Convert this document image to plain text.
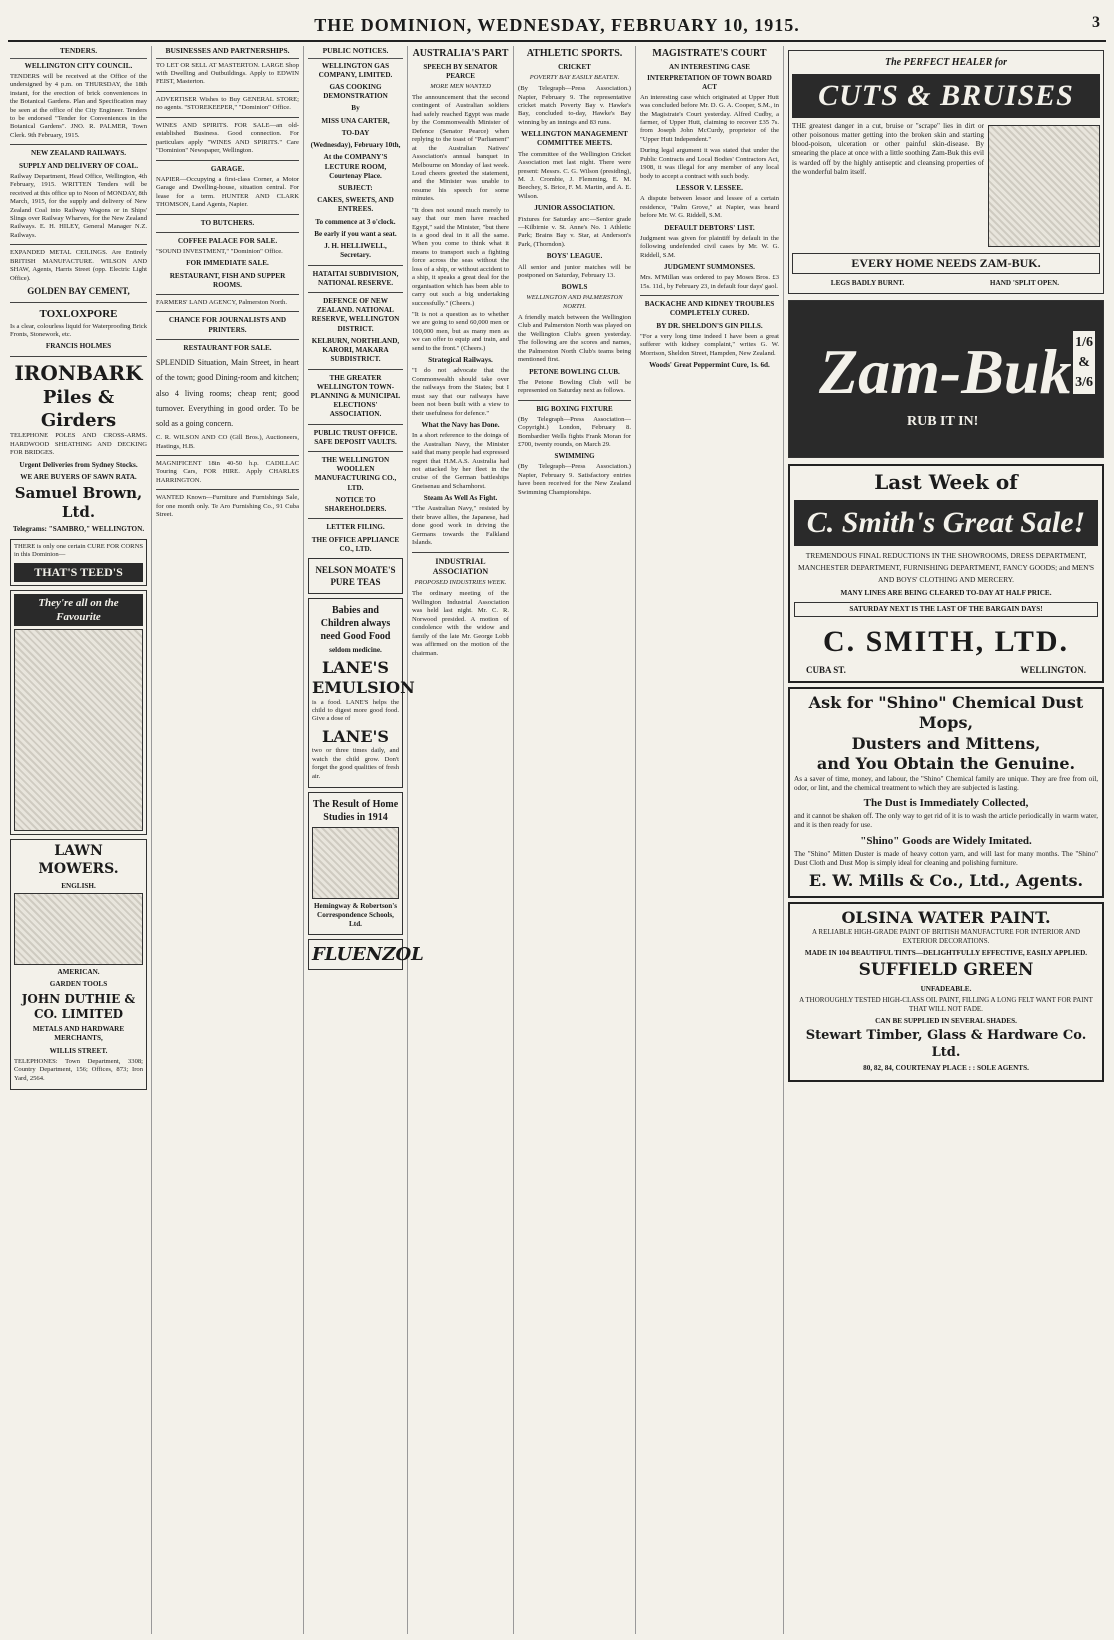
THE DOMINION, WEDNESDAY, FEBRUARY 10, 1915.	3
TENDERS.
WELLINGTON CITY COUNCIL.

TENDERS will be received at the Office of the undersigned by 4 p.m. on THURSDAY, the 18th instant, for the erection of brick conveniences in the Botanical Gardens. Plan and Specification may be seen at the office of the City Engineer. Tenders to be endorsed "Tender for Conveniences in the Botanical Gardens". JNO. R. PALMER, Town Clerk. 9th February, 1915.

NEW ZEALAND RAILWAYS.
SUPPLY AND DELIVERY OF COAL.

Railway Department, Head Office, Wellington, 4th February, 1915. WRITTEN Tenders will be received at this office up to Noon of MONDAY, 8th March, 1915, for the supply and delivery of New Zealand Coal into Railway Wagons or in Ships' Slings over Railway Wharves, for the New Zealand Railways. E. H. HILEY, General Manager N.Z. Railways.

EXPANDED METAL CEILINGS. Are Entirely BRITISH MANUFACTURE. WILSON AND SHAW, Agents, Harris Street (opp. Electric Light Office).

GOLDEN BAY CEMENT,
TOXLOXPORE

Is a clear, colourless liquid for Waterproofing Brick Fronts, Stonework, etc.

FRANCIS HOLMES
IRONBARK
Piles & Girders

TELEPHONE POLES AND CROSS-ARMS. HARDWOOD SHEATHING AND DECKING FOR BRIDGES.

Urgent Deliveries from Sydney Stocks.
WE ARE BUYERS OF SAWN RATA.
Samuel Brown, Ltd.
Telegrams: "SAMBRO," WELLINGTON.

THERE is only one certain CURE FOR CORNS in this Dominion—

THAT'S TEED'S
They're all on the Favourite
LAWN MOWERS.
ENGLISH.
AMERICAN.
GARDEN TOOLS
JOHN DUTHIE & CO. LIMITED
METALS AND HARDWARE MERCHANTS,
WILLIS STREET.

TELEPHONES: Town Department, 3308; Country Department, 156; Offices, 873; Iron Yard, 2564.

BUSINESSES AND PARTNERSHIPS.

TO LET OR SELL AT MASTERTON. LARGE Shop with Dwelling and Outbuildings. Apply to EDWIN FEIST, Masterton.

ADVERTISER Wishes to Buy GENERAL STORE; no agents. "STOREKEEPER," "Dominion" Office.

WINES AND SPIRITS. FOR SALE—an old-established Business. Good connection. For particulars apply "WINES AND SPIRITS." Care "Dominion" Newspaper, Wellington.

GARAGE.

NAPIER—Occupying a first-class Corner, a Motor Garage and Dwelling-house, situation central. For lease for a term. HUNTER AND CLARK THOMSON, Land Agents, Napier.

TO BUTCHERS.
COFFEE PALACE FOR SALE.

"SOUND INVESTMENT," "Dominion" Office.

FOR IMMEDIATE SALE.
RESTAURANT, FISH AND SUPPER ROOMS.

FARMERS' LAND AGENCY, Palmerston North.

CHANCE FOR JOURNALISTS AND PRINTERS.
RESTAURANT FOR SALE.

SPLENDID Situation, Main Street, in heart of the town; good Dining-room and kitchen; also 4 living rooms; cheap rent; good turnover. Everything in good order. To be sold as a going concern.

C. R. WILSON AND CO (Gill Bros.), Auctioneers, Hastings, H.B.

MAGNIFICENT 18in 40-50 h.p. CADILLAC Touring Cars, FOR HIRE. Apply CHARLES HARRINGTON.

WANTED Known—Furniture and Furnishings Sale, for one month only. Te Aro Furnishing Co., 91 Cuba Street.

PUBLIC NOTICES.
WELLINGTON GAS COMPANY, LIMITED.
GAS COOKING DEMONSTRATION
By
MISS UNA CARTER,
TO-DAY
(Wednesday), February 10th,
At the COMPANY'S LECTURE ROOM, Courtenay Place.
SUBJECT:
CAKES, SWEETS, AND ENTREES.
To commence at 3 o'clock.
Be early if you want a seat.
J. H. HELLIWELL, Secretary.
HATAITAI SUBDIVISION, NATIONAL RESERVE.
DEFENCE OF NEW ZEALAND. NATIONAL RESERVE, WELLINGTON DISTRICT.
KELBURN, NORTHLAND, KARORI, MAKARA SUBDISTRICT.
THE GREATER WELLINGTON TOWN-PLANNING & MUNICIPAL ELECTIONS' ASSOCIATION.
PUBLIC TRUST OFFICE. SAFE DEPOSIT VAULTS.
THE WELLINGTON WOOLLEN MANUFACTURING CO., LTD.
NOTICE TO SHAREHOLDERS.
LETTER FILING.
THE OFFICE APPLIANCE CO., LTD.
NELSON MOATE'S PURE TEAS
Babies and Children always need Good Food
seldom medicine.
LANE'S EMULSION

is a food. LANE'S helps the child to digest more good food. Give a dose of

LANE'S

two or three times daily, and watch the child grow. Don't forget the good qualities of fresh air.

The Result of Home Studies in 1914
Hemingway & Robertson's Correspondence Schools, Ltd.
FLUENZOL
AUSTRALIA'S PART
SPEECH BY SENATOR PEARCE
MORE MEN WANTED

The announcement that the second contingent of Australian soldiers had safely reached Egypt was made by the Commonwealth Minister of Defence (Senator Pearce) when replying to the toast of "Parliament" at the Australian Natives' Association's annual banquet in Melbourne on Monday of last week. Loud cheers greeted the statement, and the Minister was unable to resume his speech for some minutes.

"It does not sound much merely to say that our men have reached Egypt," said the Minister, "but there is a good deal in it all the same. When you come to think what it means to transport such a fighting force across the seas without the loss of a ship, or without accident to a ship, it speaks a great deal for the organisation which has been able to carry out such a big undertaking successfully." (Cheers.)

"It is not a question as to whether we are going to send 60,000 men or 100,000 men, but as many men as we can offer to equip and train, and send to the front." (Cheers.)

Strategical Railways.

"I do not advocate that the Commonwealth should take over the railways from the States; but I must say that our railways have been not been built with a view to their usefulness for defence."

What the Navy has Done.

In a short reference to the doings of the Australian Navy, the Minister said that many people had expressed regret that H.M.A.S. Australia had not attacked by her fleet in the cruise of the German battleships Gneisenau and Scharnhorst.

Steam As Well As Fight.

"The Australian Navy," resisted by their brave allies, the Japanese, had done good work in driving the Germans towards the Falkland Islands.

INDUSTRIAL ASSOCIATION
PROPOSED INDUSTRIES WEEK.

The ordinary meeting of the Wellington Industrial Association was held last night. Mr. C. R. Norwood presided. A motion of condolence with the widow and family of the late Mr. George Lobb was affirmed on the motion of the chairman.

ATHLETIC SPORTS.
CRICKET
POVERTY BAY EASILY BEATEN.

(By Telegraph—Press Association.) Napier, February 9. The representative cricket match Poverty Bay v. Hawke's Bay, concluded to-day, Hawke's Bay winning by an innings and 83 runs.

WELLINGTON MANAGEMENT COMMITTEE MEETS.

The committee of the Wellington Cricket Association met last night. There were present: Messrs. C. G. Wilson (presiding), M. J. Crombie, J. Flemming, E. M. Beechey, S. Brice, F. M. Martin, and A. E. Wilson.

JUNIOR ASSOCIATION.

Fixtures for Saturday are:—Senior grade—Kilbirnie v. St. Anne's No. 1 Athletic Park; Brains Bay v. Star, at Anderson's Park, (Thorndon).

BOYS' LEAGUE.

All senior and junior matches will be postponed on Saturday, February 13.

BOWLS
WELLINGTON AND PALMERSTON NORTH.

A friendly match between the Wellington Club and Palmerston North was played on the Wellington Club's green yesterday. The following are the scores and names, the Palmerston North Club's teams being mentioned first.

PETONE BOWLING CLUB.

The Petone Bowling Club will be represented on Saturday next as follows.

BIG BOXING FIXTURE

(By Telegraph—Press Association—Copyright.) London, February 8. Bombardier Wells fights Frank Moran for £700, twenty rounds, on March 29.

SWIMMING

(By Telegraph—Press Association.) Napier, February 9. Satisfactory entries have been received for the New Zealand Swimming Championships.

MAGISTRATE'S COURT
AN INTERESTING CASE
INTERPRETATION OF TOWN BOARD ACT

An interesting case which originated at Upper Hutt was concluded before Mr. D. G. A. Cooper, S.M., in the Magistrate's Court yesterday. Alfred Cudby, a farmer, of Upper Hutt, claiming to recover £35 7s. from Joseph John McCurdy, proprietor of the "Upper Hutt Independent."

During legal argument it was stated that under the Public Contracts and Local Bodies' Contractors Act, 1908, it was illegal for any member of any local body to accept a contract with such body.

LESSOR V. LESSEE.

A dispute between lessor and lessee of a certain residence, "Palm Grove," at Napier, was heard before Mr. W. G. Riddell, S.M.

DEFAULT DEBTORS' LIST.

Judgment was given for plaintiff by default in the following undefended civil cases by Mr. W. G. Riddell, S.M.

JUDGMENT SUMMONSES.

Mrs. M'Millan was ordered to pay Moses Bros. £3 15s. 11d., by February 23, in default four days' gaol.

BACKACHE AND KIDNEY TROUBLES COMPLETELY CURED.
BY DR. SHELDON'S GIN PILLS.

"For a very long time indeed I have been a great sufferer with kidney complaint," writes G. W. Morrison, Sheldon Street, Hampden, New Zealand.

Woods' Great Peppermint Cure, 1s. 6d.
The PERFECT HEALER for
CUTS & BRUISES

THE greatest danger in a cut, bruise or "scrape" lies in dirt or other poisonous matter getting into the broken skin and starting blood-poison, ulceration or other painful skin-disease. By smearing the place at once with a little soothing Zam-Buk this evil is warded off by the highly antiseptic and cleansing properties of the wonderful balm itself.

EVERY HOME NEEDS ZAM-BUK.
LEGS BADLY BURNT.	HAND 'SPLIT OPEN.
Zam-Buk
RUB IT IN!
1/6
&
3/6
Last Week of
C. Smith's Great Sale!

TREMENDOUS FINAL REDUCTIONS IN THE SHOWROOMS, DRESS DEPARTMENT, MANCHESTER DEPARTMENT, FURNISHING DEPARTMENT, FANCY GOODS; and MEN'S AND BOYS' CLOTHING AND MERCERY.

MANY LINES ARE BEING CLEARED TO-DAY AT HALF PRICE.
SATURDAY NEXT IS THE LAST OF THE BARGAIN DAYS!
C. SMITH, LTD.
CUBA ST.	WELLINGTON.
Ask for "Shino" Chemical Dust Mops,
Dusters and Mittens,
and You Obtain the Genuine.

As a saver of time, money, and labour, the "Shino" Chemical family are unique. They are free from oil, odor, or lint, and the chemical treatment to which they are subjected is lasting.

The Dust is Immediately Collected,

and it cannot be shaken off. The only way to get rid of it is to wash the article periodically in warm water, and it is then ready for use.

"Shino" Goods are Widely Imitated.

The "Shino" Mitten Duster is made of heavy cotton yarn, and will last for many months. The "Shino" Dust Cloth and Dust Mop is simply ideal for cleaning and polishing furniture.

E. W. Mills & Co., Ltd., Agents.
OLSINA WATER PAINT.

A RELIABLE HIGH-GRADE PAINT OF BRITISH MANUFACTURE FOR INTERIOR AND EXTERIOR DECORATIONS.

MADE IN 104 BEAUTIFUL TINTS—DELIGHTFULLY EFFECTIVE, EASILY APPLIED.
SUFFIELD GREEN
UNFADEABLE.

A THOROUGHLY TESTED HIGH-CLASS OIL PAINT, FILLING A LONG FELT WANT FOR PAINT THAT WILL NOT FADE.

CAN BE SUPPLIED IN SEVERAL SHADES.
Stewart Timber, Glass & Hardware Co. Ltd.
80, 82, 84, COURTENAY PLACE : : SOLE AGENTS.
